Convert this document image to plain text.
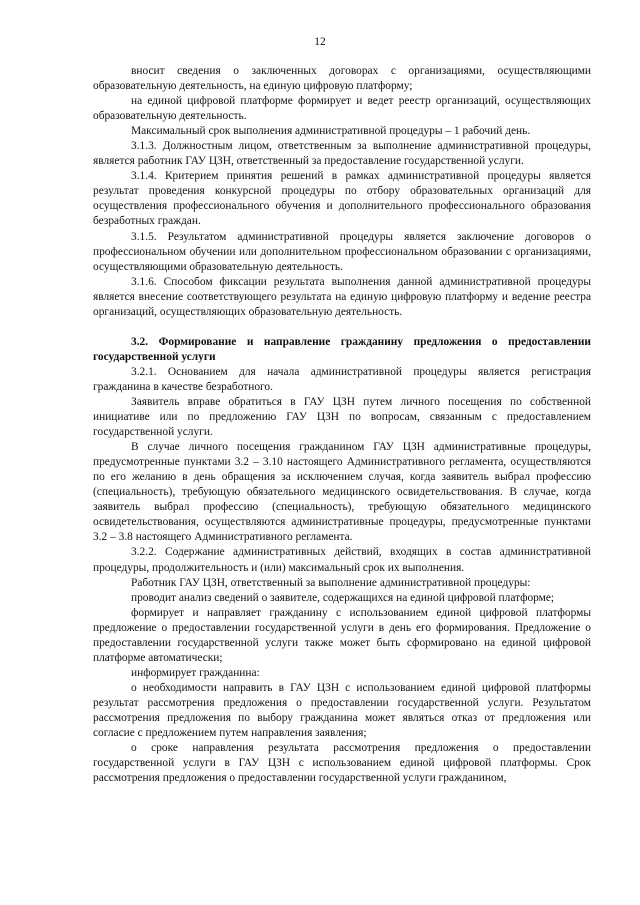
12

вносит сведения о заключенных договорах с организациями, осуществляющими образовательную деятельность, на единую цифровую платформу;

на единой цифровой платформе формирует и ведет реестр организаций, осуществляющих образовательную деятельность.

Максимальный срок выполнения административной процедуры – 1 рабочий день.

3.1.3. Должностным лицом, ответственным за выполнение административной процедуры, является работник ГАУ ЦЗН, ответственный за предоставление государственной услуги.

3.1.4. Критерием принятия решений в рамках административной процедуры является результат проведения конкурсной процедуры по отбору образовательных организаций для осуществления профессионального обучения и дополнительного профессионального образования безработных граждан.

3.1.5. Результатом административной процедуры является заключение договоров о профессиональном обучении или дополнительном профессиональном образовании с организациями, осуществляющими образовательную деятельность.

3.1.6. Способом фиксации результата выполнения данной административной процедуры является внесение соответствующего результата на единую цифровую платформу и ведение реестра организаций, осуществляющих образовательную деятельность.

3.2. Формирование и направление гражданину предложения о предоставлении государственной услуги

3.2.1. Основанием для начала административной процедуры является регистрация гражданина в качестве безработного.

Заявитель вправе обратиться в ГАУ ЦЗН путем личного посещения по собственной инициативе или по предложению ГАУ ЦЗН по вопросам, связанным с предоставлением государственной услуги.

В случае личного посещения гражданином ГАУ ЦЗН административные процедуры, предусмотренные пунктами 3.2 – 3.10 настоящего Административного регламента, осуществляются по его желанию в день обращения за исключением случая, когда заявитель выбрал профессию (специальность), требующую обязательного медицинского освидетельствования. В случае, когда заявитель выбрал профессию (специальность), требующую обязательного медицинского освидетельствования, осуществляются административные процедуры, предусмотренные пунктами 3.2 – 3.8 настоящего Административного регламента.

3.2.2. Содержание административных действий, входящих в состав административной процедуры, продолжительность и (или) максимальный срок их выполнения.

Работник ГАУ ЦЗН, ответственный за выполнение административной процедуры:

проводит анализ сведений о заявителе, содержащихся на единой цифровой платформе;

формирует и направляет гражданину с использованием единой цифровой платформы предложение о предоставлении государственной услуги в день его формирования. Предложение о предоставлении государственной услуги также может быть сформировано на единой цифровой платформе автоматически;

информирует гражданина:

о необходимости направить в ГАУ ЦЗН с использованием единой цифровой платформы результат рассмотрения предложения о предоставлении государственной услуги. Результатом рассмотрения предложения по выбору гражданина может являться отказ от предложения или согласие с предложением путем направления заявления;

о сроке направления результата рассмотрения предложения о предоставлении государственной услуги в ГАУ ЦЗН с использованием единой цифровой платформы. Срок рассмотрения предложения о предоставлении государственной услуги гражданином,
